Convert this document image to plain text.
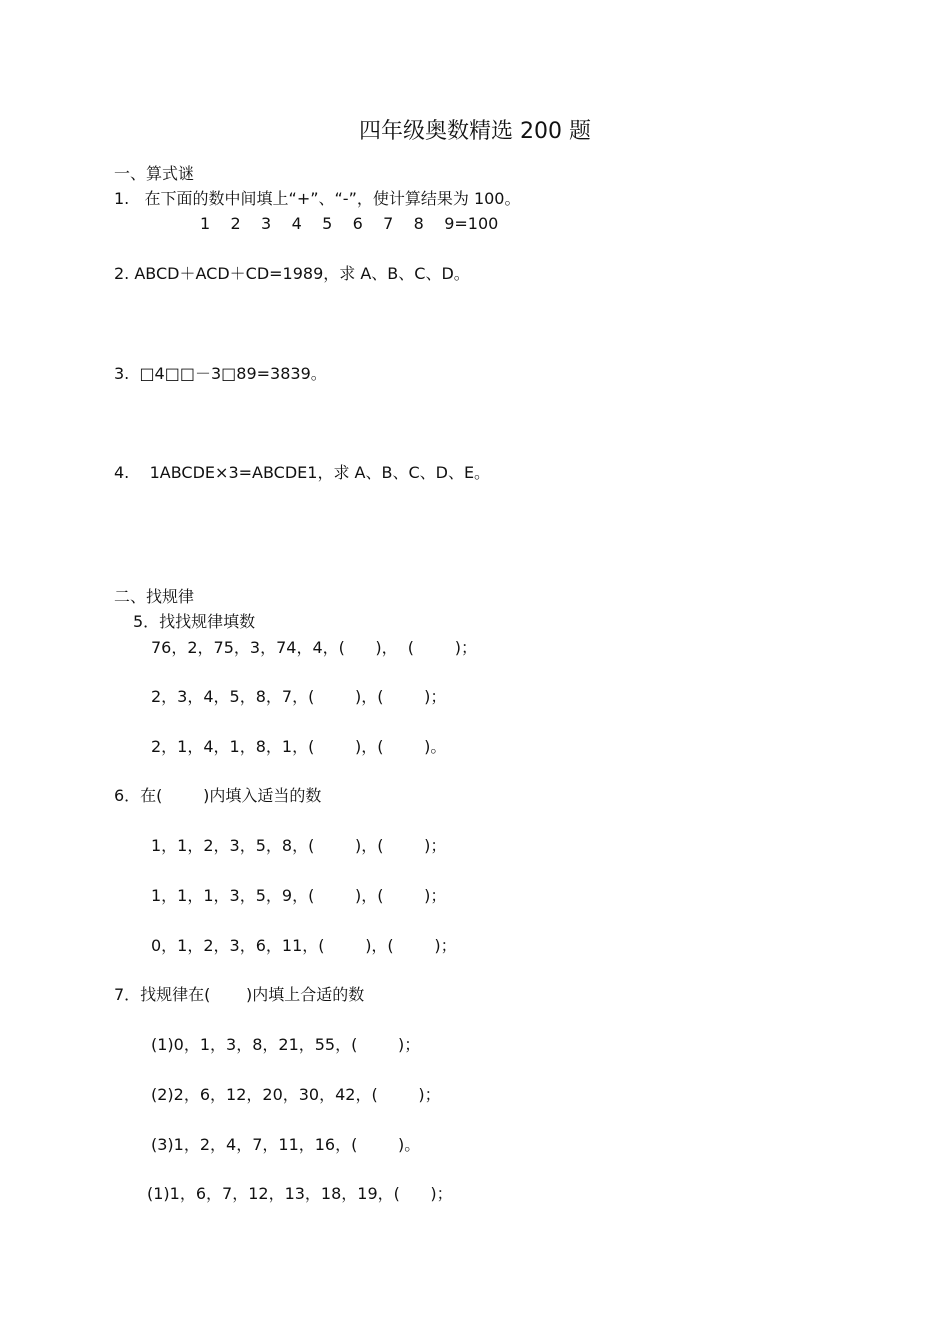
四年级奥数精选 200 题
一、算式谜
1.   在下面的数中间填上“+”、“-”，使计算结果为 100。
1    2    3    4    5    6    7    8    9=100
2. ABCD＋ACD＋CD=1989，求 A、B、C、D。
3.  □4□□－3□89=3839。
4.    1ABCDE×3=ABCDE1，求 A、B、C、D、E。
二、找规律
5．找找规律填数
76，2，75，3，74，4，(      )，  (        )；
2，3，4，5，8，7，(        )，(        )；
2，1，4，1，8，1，(        )，(        )。
6．在(        )内填入适当的数
1，1，2，3，5，8，(        )，(        )；
1，1，1，3，5，9，(        )，(        )；
0，1，2，3，6，11，(        )，(        )；
7．找规律在(       )内填上合适的数
(1)0，1，3，8，21，55，(        )；
(2)2，6，12，20，30，42，(        )；
(3)1，2，4，7，11，16，(        )。
(1)1，6，7，12，13，18，19，(      )；
